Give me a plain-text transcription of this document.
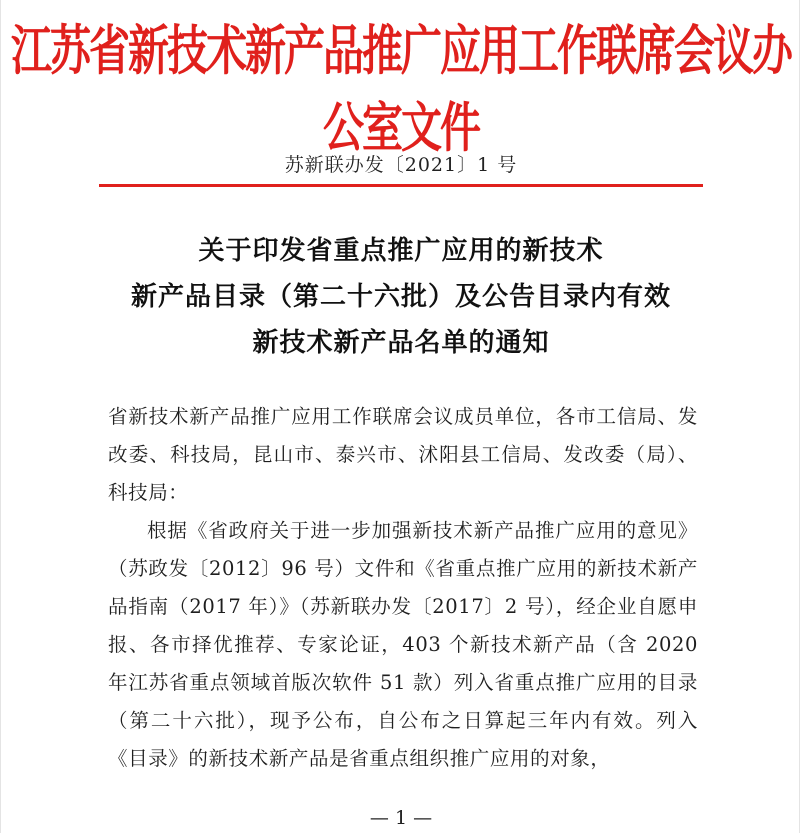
江苏省新技术新产品推广应用工作联席会议办公室文件
苏新联办发〔2021〕1 号
关于印发省重点推广应用的新技术
新产品目录（第二十六批）及公告目录内有效
新技术新产品名单的通知

省新技术新产品推广应用工作联席会议成员单位，各市工信局、发改委、科技局，昆山市、泰兴市、沭阳县工信局、发改委（局）、科技局：

根据《省政府关于进一步加强新技术新产品推广应用的意见》（苏政发〔2012〕96 号）文件和《省重点推广应用的新技术新产品指南（2017 年）》（苏新联办发〔2017〕2 号），经企业自愿申报、各市择优推荐、专家论证，403 个新技术新产品（含 2020 年江苏省重点领域首版次软件 51 款）列入省重点推广应用的目录（第二十六批），现予公布，自公布之日算起三年内有效。列入《目录》的新技术新产品是省重点组织推广应用的对象，

— 1 —
